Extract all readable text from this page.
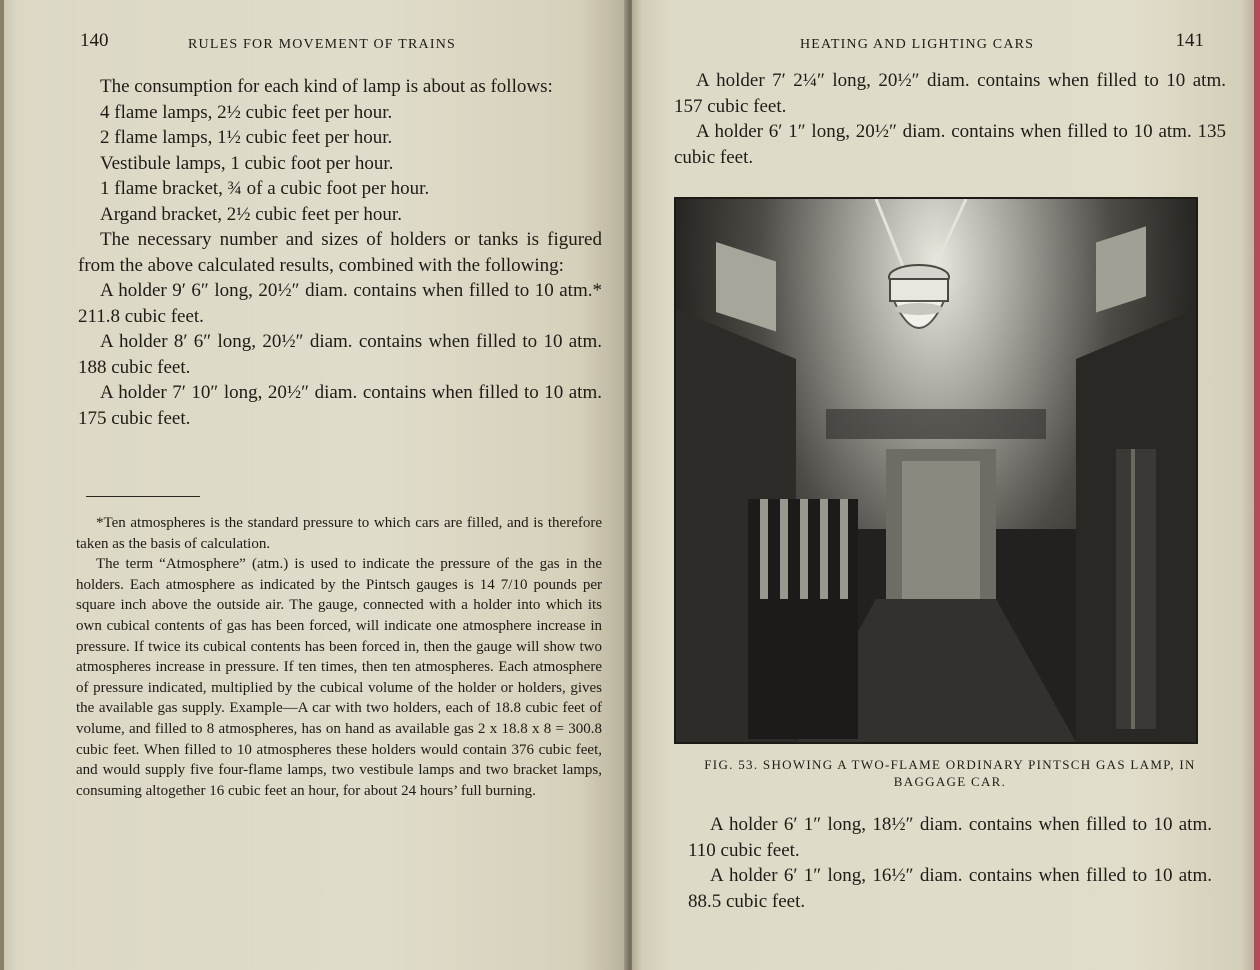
140	RULES FOR MOVEMENT OF TRAINS

The consumption for each kind of lamp is about as follows:

4 flame lamps, 2½ cubic feet per hour.
2 flame lamps, 1½ cubic feet per hour.
Vestibule lamps, 1 cubic foot per hour.
1 flame bracket, ¾ of a cubic foot per hour.
Argand bracket, 2½ cubic feet per hour.

The necessary number and sizes of holders or tanks is figured from the above calculated results, combined with the following:

A holder 9′ 6″ long, 20½″ diam. contains when filled to 10 atm.* 211.8 cubic feet.

A holder 8′ 6″ long, 20½″ diam. contains when filled to 10 atm. 188 cubic feet.

A holder 7′ 10″ long, 20½″ diam. contains when filled to 10 atm. 175 cubic feet.

*Ten atmospheres is the standard pressure to which cars are filled, and is therefore taken as the basis of calculation.

The term “Atmosphere” (atm.) is used to indicate the pressure of the gas in the holders. Each atmosphere as indicated by the Pintsch gauges is 14 7/10 pounds per square inch above the outside air. The gauge, connected with a holder into which its own cubical contents of gas has been forced, will indicate one atmosphere increase in pressure. If twice its cubical contents has been forced in, then the gauge will show two atmospheres increase in pressure. If ten times, then ten atmospheres. Each atmosphere of pressure indicated, multiplied by the cubical volume of the holder or holders, gives the available gas supply. Example—A car with two holders, each of 18.8 cubic feet of volume, and filled to 8 atmospheres, has on hand as available gas 2 x 18.8 x 8 = 300.8 cubic feet. When filled to 10 atmospheres these holders would contain 376 cubic feet, and would supply five four-flame lamps, two vestibule lamps and two bracket lamps, consuming altogether 16 cubic feet an hour, for about 24 hours’ full burning.

HEATING AND LIGHTING CARS	141

A holder 7′ 2¼″ long, 20½″ diam. contains when filled to 10 atm. 157 cubic feet.

A holder 6′ 1″ long, 20½″ diam. contains when filled to 10 atm. 135 cubic feet.

FIG. 53. SHOWING A TWO-FLAME ORDINARY PINTSCH GAS LAMP, IN BAGGAGE CAR.

A holder 6′ 1″ long, 18½″ diam. contains when filled to 10 atm. 110 cubic feet.

A holder 6′ 1″ long, 16½″ diam. contains when filled to 10 atm. 88.5 cubic feet.
